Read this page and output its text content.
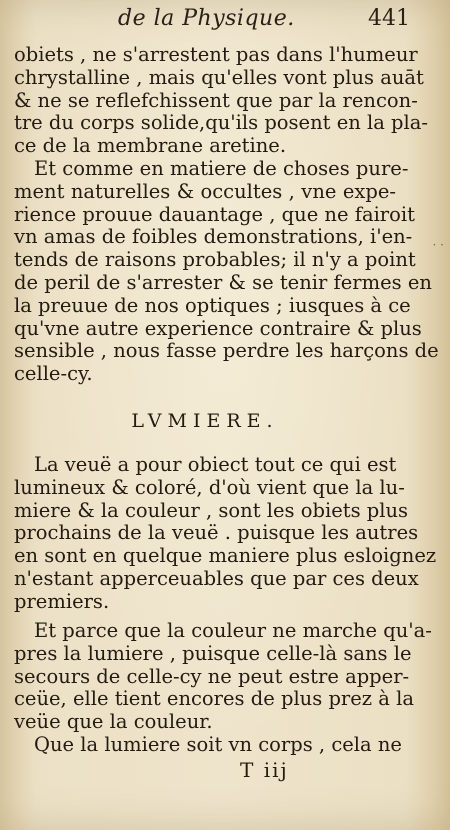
de la Physique.	441
obiets , ne s'arrestent pas dans l'humeur
chrystalline , mais qu'elles vont plus auāt
& ne se reflefchissent que par la rencon-
tre du corps solide,qu'ils posent en la pla-
ce de la membrane aretine.
Et comme en matiere de choses pure-
ment naturelles & occultes , vne expe-
rience prouue dauantage , que ne fairoit
vn amas de foibles demonstrations, i'en-
tends de raisons probables; il n'y a point
de peril de s'arrester & se tenir fermes en
la preuue de nos optiques ; iusques à ce
qu'vne autre experience contraire & plus
sensible , nous fasse perdre les harçons de
celle-cy.
LVMIERE.
La veuë a pour obiect tout ce qui est
lumineux & coloré, d'où vient que la lu-
miere & la couleur , sont les obiets plus
prochains de la veuë . puisque les autres
en sont en quelque maniere plus esloignez
n'estant apperceuables que par ces deux
premiers.
Et parce que la couleur ne marche qu'a-
pres la lumiere , puisque celle-là sans le
secours de celle-cy ne peut estre apper-
ceüe, elle tient encores de plus prez à la
veüe que la couleur.
Que la lumiere soit vn corps , cela ne
T iij
· ·
